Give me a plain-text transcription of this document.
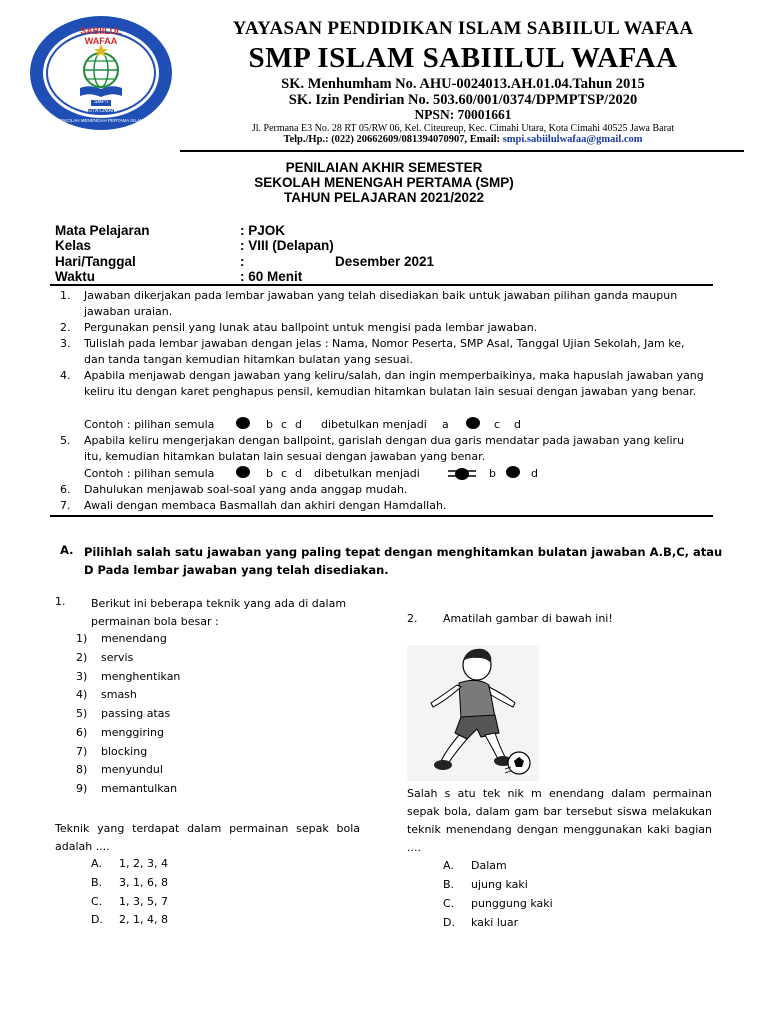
SABIILUL WAFAA
SMP-I
KOTA CIMAHI
SEKOLAH MENENGAH PERTAMA ISLAM
YAYASAN PENDIDIKAN ISLAM SABIILUL WAFAA
SMP ISLAM SABIILUL WAFAA
SK. Menhumham No. AHU-0024013.AH.01.04.Tahun 2015
SK. Izin Pendirian No. 503.60/001/0374/DPMPTSP/2020
NPSN: 70001661
Jl. Permana E3 No. 28 RT 05/RW 06, Kel. Citeureup, Kec. Cimahi Utara, Kota Cimahi 40525 Jawa Barat
Telp./Hp.: (022) 20662609/081394070907, Email: smpi.sabiilulwafaa@gmail.com
PENILAIAN AKHIR SEMESTER
SEKOLAH MENENGAH PERTAMA (SMP)
TAHUN PELAJARAN 2021/2022
Mata Pelajaran	: PJOK
Kelas	: VIII (Delapan)
Hari/Tanggal	:	Desember 2021
Waktu	: 60 Menit
1.	Jawaban dikerjakan pada lembar jawaban yang telah disediakan baik untuk jawaban pilihan ganda maupun jawaban uraian.
2.	Pergunakan pensil yang lunak atau ballpoint untuk mengisi pada lembar jawaban.
3.	Tulislah pada lembar jawaban dengan jelas : Nama, Nomor Peserta, SMP Asal, Tanggal Ujian Sekolah, Jam ke, dan tanda tangan kemudian hitamkan bulatan yang sesuai.
4.	Apabila menjawab dengan jawaban yang keliru/salah, dan ingin memperbaikinya, maka hapuslah jawaban yang keliru itu dengan karet penghapus pensil, kemudian hitamkan bulatan lain sesuai dengan jawaban yang benar.
Contoh : pilihan semula	b c d dibetulkan menjadi a	c d
5.	Apabila keliru mengerjakan dengan ballpoint, garislah dengan dua garis mendatar pada jawaban yang keliru itu, kemudian hitamkan bulatan lain sesuai dengan jawaban yang benar.
Contoh : pilihan semula	b c d dibetulkan menjadi	b	d
6.	Dahulukan menjawab soal-soal yang anda anggap mudah.
7.	Awali dengan membaca Basmallah dan akhiri dengan Hamdallah.
A. Pilihlah salah satu jawaban yang paling tepat dengan menghitamkan bulatan jawaban A.B,C, atau D Pada lembar jawaban yang telah disediakan.
1. Berikut ini beberapa teknik yang ada di dalam permainan bola besar :
1)	menendang
2)	servis
3)	menghentikan
4)	smash
5)	passing atas
6)	menggiring
7)	blocking
8)	menyundul
9)	memantulkan
Teknik yang terdapat dalam permainan sepak bola adalah ....
A. 1, 2, 3, 4
B. 3, 1, 6, 8
C. 1, 3, 5, 7
D. 2, 1, 4, 8
2. Amatilah gambar di bawah ini!
Salah s atu tek nik m enendang dalam permainan sepak bola, dalam gam bar tersebut siswa melakukan teknik menendang dengan menggunakan kaki bagian ....
A. Dalam
B. ujung kaki
C. punggung kaki
D. kaki luar
